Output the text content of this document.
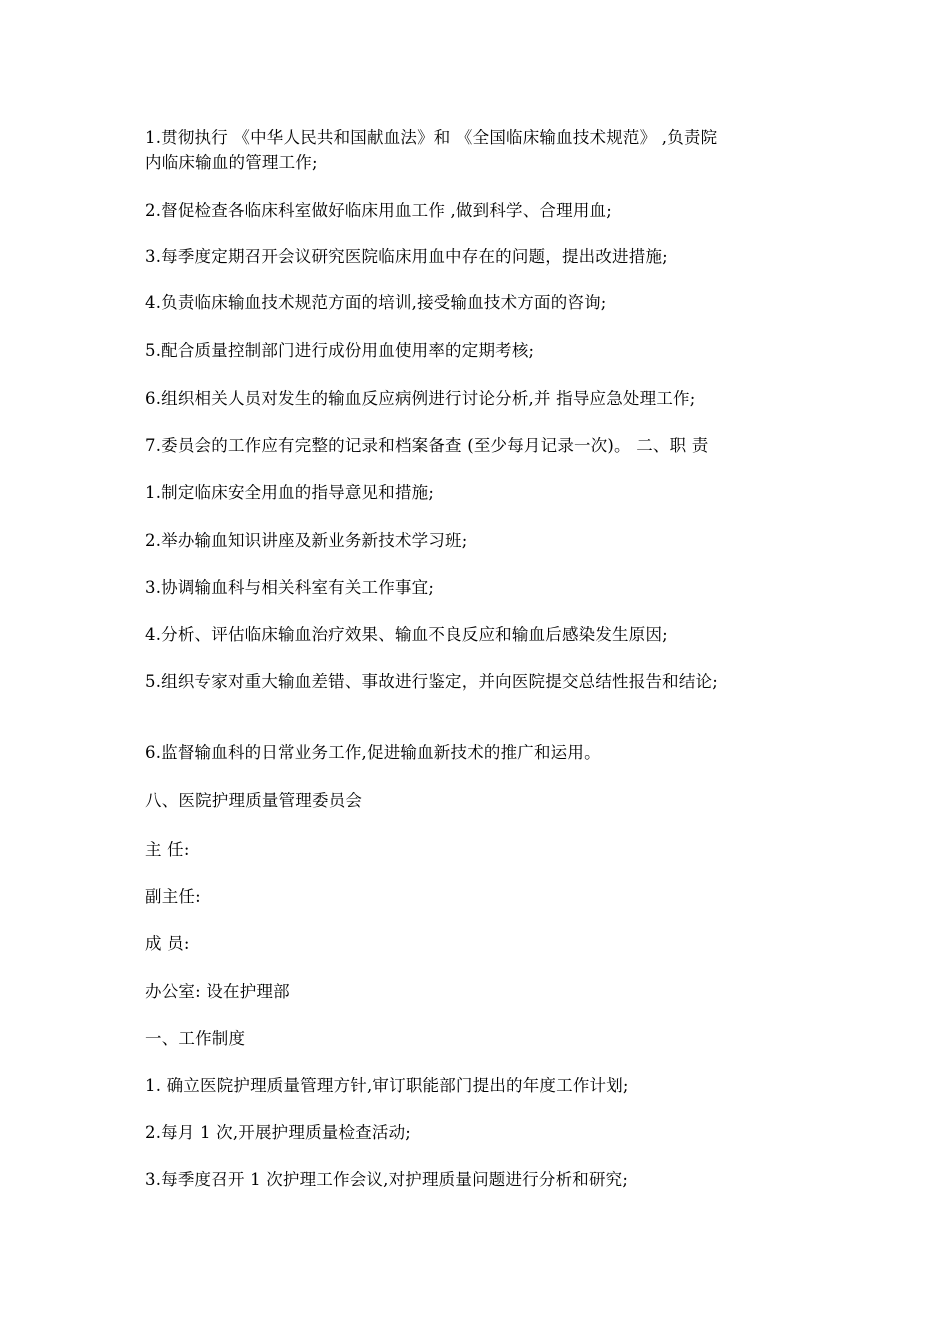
1.贯彻执行 《中华人民共和国献血法》和 《全国临床输血技术规范》 ,负责院
内临床输血的管理工作;
2.督促检查各临床科室做好临床用血工作 ,做到科学、合理用血;
3.每季度定期召开会议研究医院临床用血中存在的问题，提出改进措施;
4.负责临床输血技术规范方面的培训,接受输血技术方面的咨询;
5.配合质量控制部门进行成份用血使用率的定期考核;
6.组织相关人员对发生的输血反应病例进行讨论分析,并 指导应急处理工作;
7.委员会的工作应有完整的记录和档案备查 (至少每月记录一次)。 二、职 责
1.制定临床安全用血的指导意见和措施;
2.举办输血知识讲座及新业务新技术学习班;
3.协调输血科与相关科室有关工作事宜;
4.分析、评估临床输血治疗效果、输血不良反应和输血后感染发生原因;
5.组织专家对重大输血差错、事故进行鉴定，并向医院提交总结性报告和结论;
6.监督输血科的日常业务工作,促进输血新技术的推广和运用。
八、医院护理质量管理委员会
主 任:
副主任:
成 员:
办公室: 设在护理部
一、工作制度
1. 确立医院护理质量管理方针,审订职能部门提出的年度工作计划;
2.每月 1 次,开展护理质量检查活动;
3.每季度召开 1 次护理工作会议,对护理质量问题进行分析和研究;
